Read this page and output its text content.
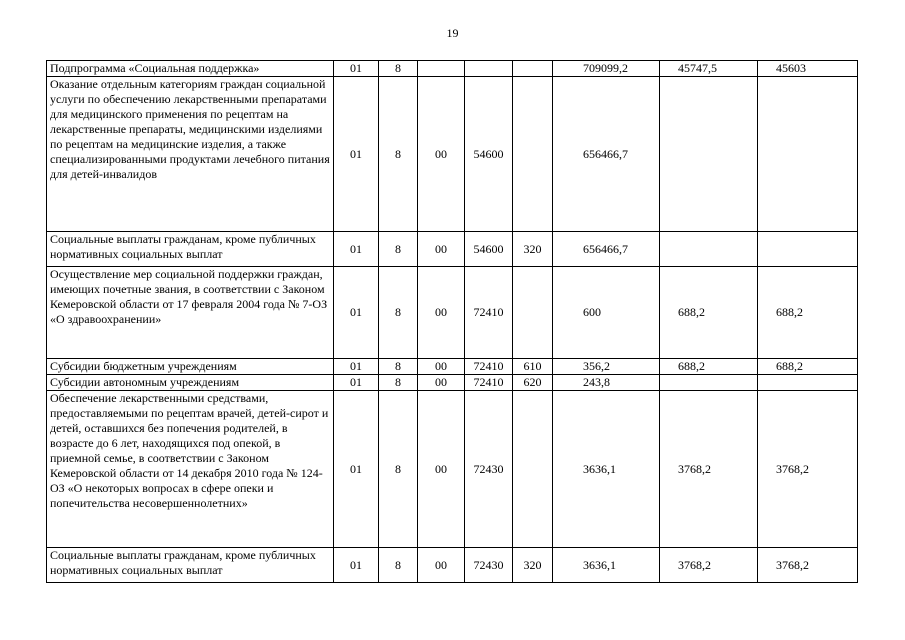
19
Подпрограмма «Социальная поддержка»	01	8				709099,2	45747,5	45603
Оказание отдельным категориям граждан социальной услуги по обеспечению лекарственными препаратами для медицинского применения по рецептам на лекарственные препараты, медицинскими изделиями по рецептам на медицинские изделия, а также специализированными продуктами лечебного питания для детей-инвалидов	01	8	00	54600		656466,7		
Социальные выплаты гражданам, кроме публичных нормативных социальных выплат	01	8	00	54600	320	656466,7		
Осуществление мер социальной поддержки граждан, имеющих почетные звания, в соответствии с Законом Кемеровской области от 17 февраля 2004 года № 7-ОЗ «О здравоохранении»	01	8	00	72410		600	688,2	688,2
Субсидии бюджетным учреждениям	01	8	00	72410	610	356,2	688,2	688,2
Субсидии автономным учреждениям	01	8	00	72410	620	243,8		
Обеспечение лекарственными средствами, предоставляемыми по рецептам врачей, детей-сирот и детей, оставшихся без попечения родителей, в возрасте до 6 лет, находящихся под опекой, в приемной семье, в соответствии с Законом Кемеровской области от 14 декабря 2010 года № 124-ОЗ «О некоторых вопросах в сфере опеки и попечительства несовершеннолетних»	01	8	00	72430		3636,1	3768,2	3768,2
Социальные выплаты гражданам, кроме публичных нормативных социальных выплат	01	8	00	72430	320	3636,1	3768,2	3768,2
